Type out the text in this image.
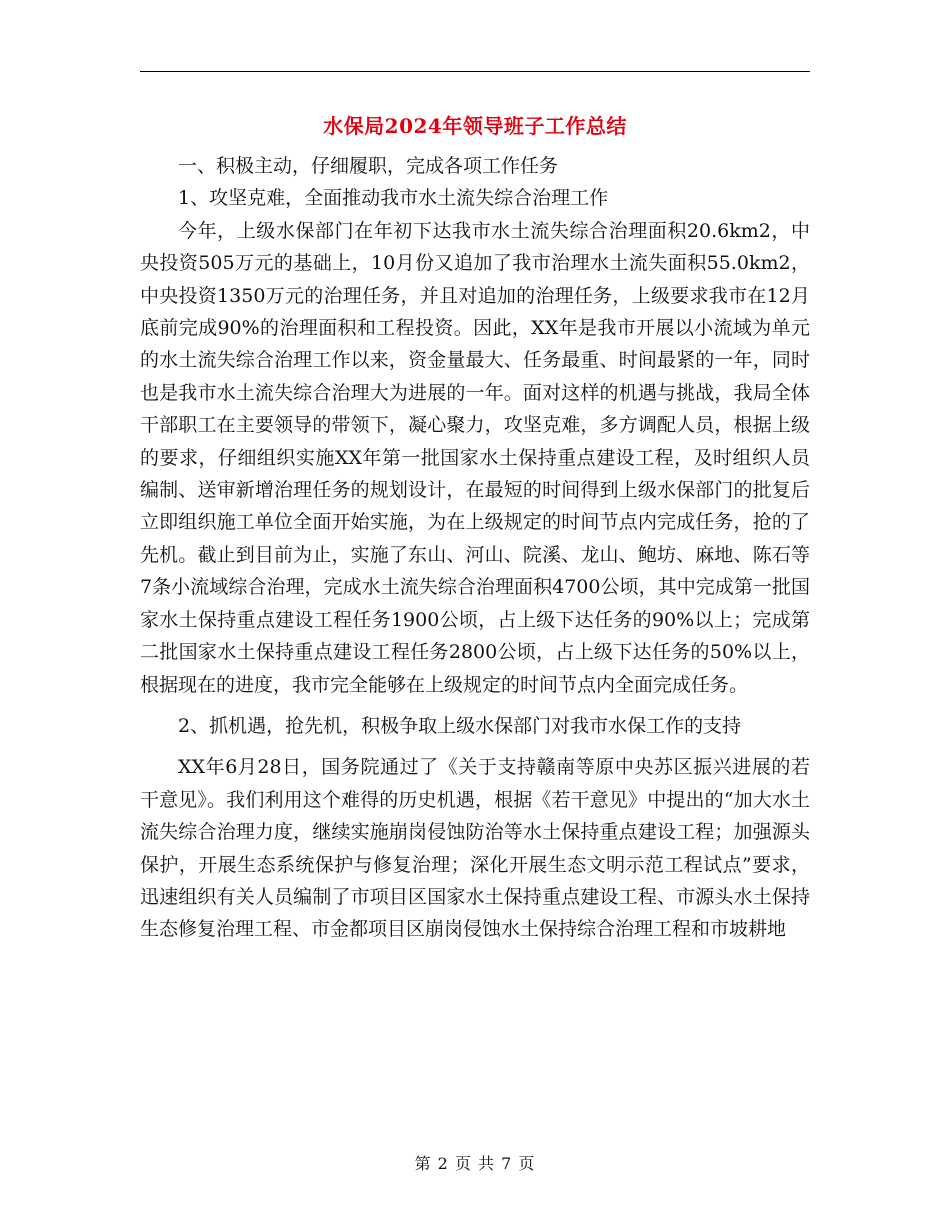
水保局2024年领导班子工作总结

一、积极主动，仔细履职，完成各项工作任务

1、攻坚克难，全面推动我市水土流失综合治理工作

今年，上级水保部门在年初下达我市水土流失综合治理面积20.6km2，中央投资505万元的基础上，10月份又追加了我市治理水土流失面积55.0km2，中央投资1350万元的治理任务，并且对追加的治理任务，上级要求我市在12月底前完成90%的治理面积和工程投资。因此，XX年是我市开展以小流域为单元的水土流失综合治理工作以来，资金量最大、任务最重、时间最紧的一年，同时也是我市水土流失综合治理大为进展的一年。面对这样的机遇与挑战，我局全体干部职工在主要领导的带领下，凝心聚力，攻坚克难，多方调配人员，根据上级的要求，仔细组织实施XX年第一批国家水土保持重点建设工程，及时组织人员编制、送审新增治理任务的规划设计，在最短的时间得到上级水保部门的批复后立即组织施工单位全面开始实施，为在上级规定的时间节点内完成任务，抢的了先机。截止到目前为止，实施了东山、河山、院溪、龙山、鲍坊、麻地、陈石等7条小流域综合治理，完成水土流失综合治理面积4700公顷，其中完成第一批国家水土保持重点建设工程任务1900公顷，占上级下达任务的90%以上；完成第二批国家水土保持重点建设工程任务2800公顷，占上级下达任务的50%以上，根据现在的进度，我市完全能够在上级规定的时间节点内全面完成任务。

2、抓机遇，抢先机，积极争取上级水保部门对我市水保工作的支持

XX年6月28日，国务院通过了《关于支持赣南等原中央苏区振兴进展的若干意见》。我们利用这个难得的历史机遇，根据《若干意见》中提出的“加大水土流失综合治理力度，继续实施崩岗侵蚀防治等水土保持重点建设工程；加强源头保护，开展生态系统保护与修复治理；深化开展生态文明示范工程试点”要求，迅速组织有关人员编制了市项目区国家水土保持重点建设工程、市源头水土保持生态修复治理工程、市金都项目区崩岗侵蚀水土保持综合治理工程和市坡耕地

第 2 页 共 7 页
